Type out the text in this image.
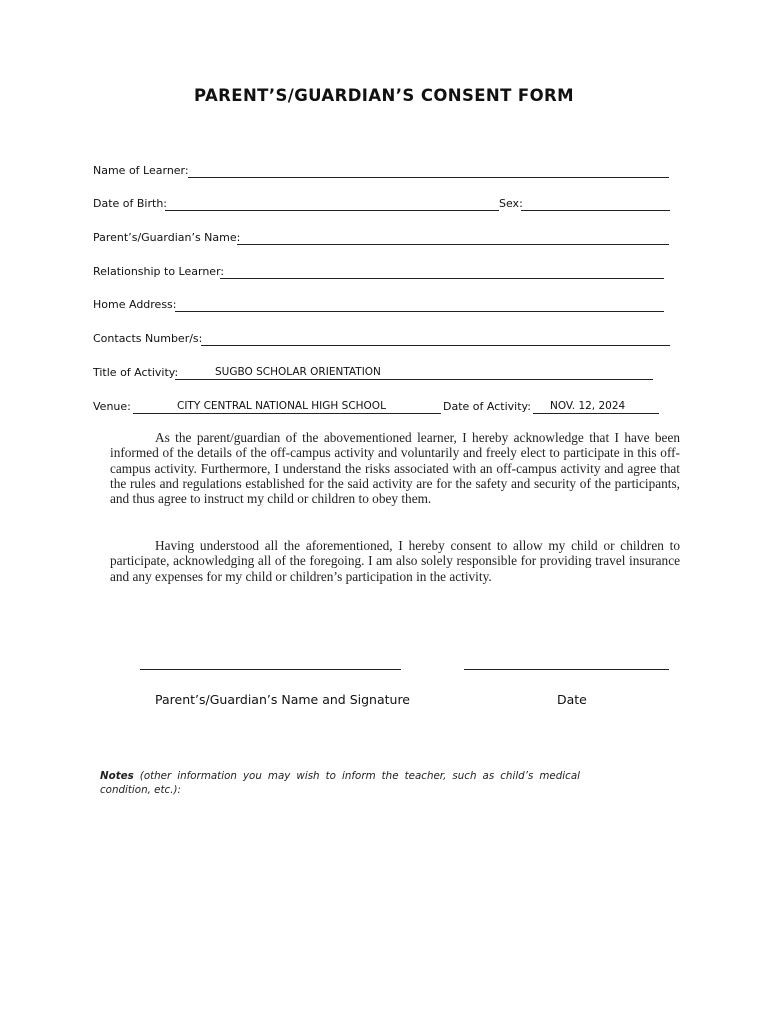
PARENT’S/GUARDIAN’S CONSENT FORM
Name of Learner:
Date of Birth:	Sex:
Parent’s/Guardian’s Name:
Relationship to Learner:
Home Address:
Contacts Number/s:
Title of Activity:	SUGBO SCHOLAR ORIENTATION
Venue:	CITY CENTRAL NATIONAL HIGH SCHOOL	Date of Activity: NOV. 12, 2024

As the parent/guardian of the abovementioned learner, I hereby acknowledge that I have been informed of the details of the off-campus activity and voluntarily and freely elect to participate in this off-campus activity. Furthermore, I understand the risks associated with an off-campus activity and agree that the rules and regulations established for the said activity are for the safety and security of the participants, and thus agree to instruct my child or children to obey them.

Having understood all the aforementioned, I hereby consent to allow my child or children to participate, acknowledging all of the foregoing. I am also solely responsible for providing travel insurance and any expenses for my child or children’s participation in the activity.

Parent’s/Guardian’s Name and Signature	Date
Notes (other information you may wish to inform the teacher, such as child’s medical condition, etc.):
